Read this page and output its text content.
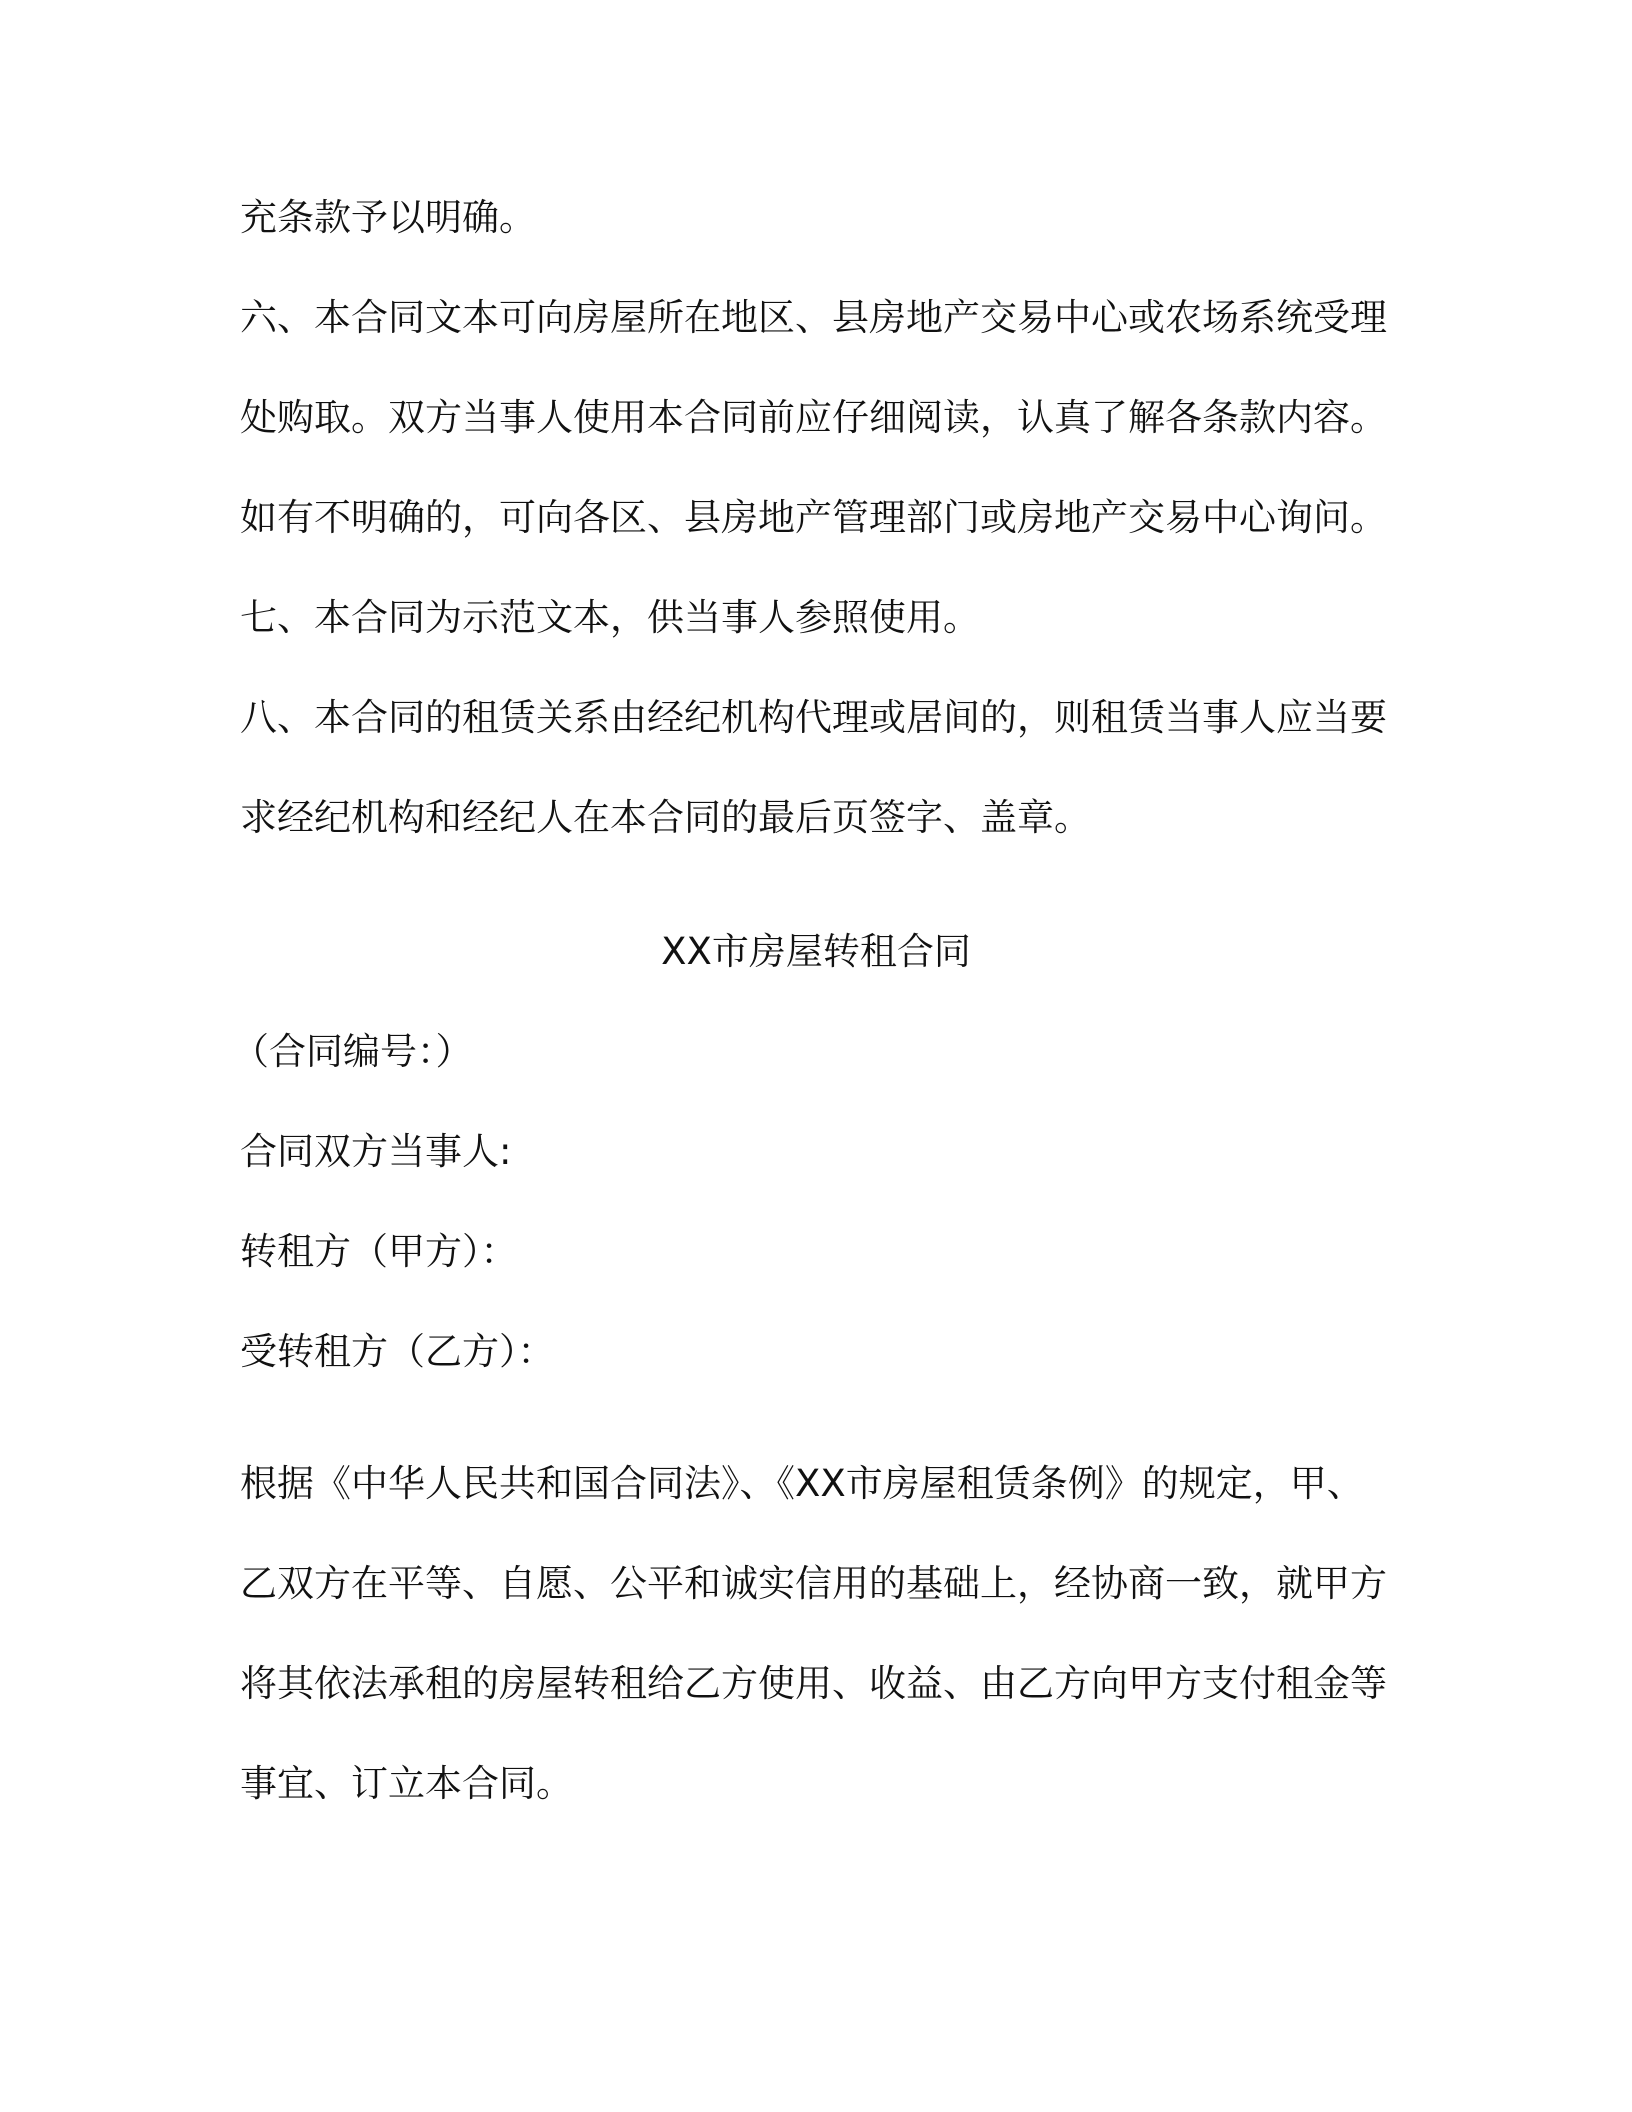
充条款予以明确。
六、本合同文本可向房屋所在地区、县房地产交易中心或农场系统受理
处购取。双方当事人使用本合同前应仔细阅读，认真了解各条款内容。
如有不明确的，可向各区、县房地产管理部门或房地产交易中心询问。
七、本合同为示范文本，供当事人参照使用。
八、本合同的租赁关系由经纪机构代理或居间的，则租赁当事人应当要
求经纪机构和经纪人在本合同的最后页签字、盖章。
XX市房屋转租合同
（合同编号：）
合同双方当事人:
转租方（甲方）：
受转租方（乙方）：
根据《中华人民共和国合同法》、《XX市房屋租赁条例》的规定，甲、
乙双方在平等、自愿、公平和诚实信用的基础上，经协商一致，就甲方
将其依法承租的房屋转租给乙方使用、收益、由乙方向甲方支付租金等
事宜、订立本合同。
